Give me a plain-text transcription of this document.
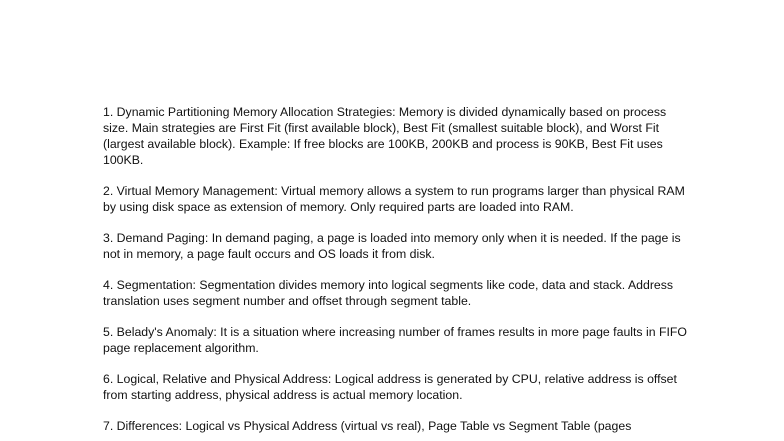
1. Dynamic Partitioning Memory Allocation Strategies: Memory is divided dynamically based on process size. Main strategies are First Fit (first available block), Best Fit (smallest suitable block), and Worst Fit (largest available block). Example: If free blocks are 100KB, 200KB and process is 90KB, Best Fit uses 100KB.

2. Virtual Memory Management: Virtual memory allows a system to run programs larger than physical RAM by using disk space as extension of memory. Only required parts are loaded into RAM.

3. Demand Paging: In demand paging, a page is loaded into memory only when it is needed. If the page is not in memory, a page fault occurs and OS loads it from disk.

4. Segmentation: Segmentation divides memory into logical segments like code, data and stack. Address translation uses segment number and offset through segment table.

5. Belady's Anomaly: It is a situation where increasing number of frames results in more page faults in FIFO page replacement algorithm.

6. Logical, Relative and Physical Address: Logical address is generated by CPU, relative address is offset from starting address, physical address is actual memory location.

7. Differences: Logical vs Physical Address (virtual vs real), Page Table vs Segment Table (pages
